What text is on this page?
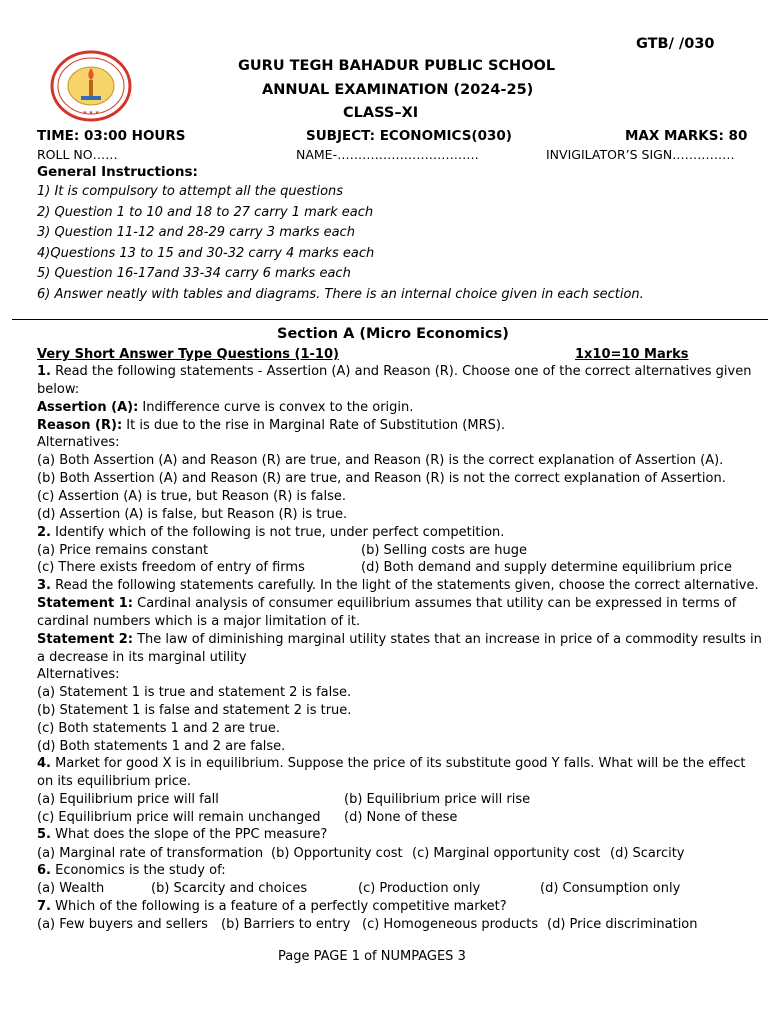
★ ★ ★
GTB/ /030
GURU TEGH BAHADUR PUBLIC SCHOOL
ANNUAL EXAMINATION (2024-25)
CLASS–XI
TIME: 03:00 HOURS	SUBJECT: ECONOMICS(030)	MAX MARKS: 80
ROLL NO……	NAME-…………………………….	INVIGILATOR’S SIGN……………
General Instructions:
1) It is compulsory to attempt all the questions
2) Question 1 to 10 and 18 to 27 carry 1 mark each
3) Question 11-12 and 28-29 carry 3 marks each
4)Questions 13 to 15 and 30-32 carry 4 marks each
5) Question 16-17and 33-34 carry 6 marks each
6) Answer neatly with tables and diagrams. There is an internal choice given in each section.
Section A (Micro Economics)
Very Short Answer Type Questions (1-10)	1x10=10 Marks
1. Read the following statements - Assertion (A) and Reason (R). Choose one of the correct alternatives given
below:
Assertion (A): Indifference curve is convex to the origin.
Reason (R): It is due to the rise in Marginal Rate of Substitution (MRS).
Alternatives:
(a) Both Assertion (A) and Reason (R) are true, and Reason (R) is the correct explanation of Assertion (A).
(b) Both Assertion (A) and Reason (R) are true, and Reason (R) is not the correct explanation of Assertion.
(c) Assertion (A) is true, but Reason (R) is false.
(d) Assertion (A) is false, but Reason (R) is true.
2. Identify which of the following is not true, under perfect competition.
(a) Price remains constant	(b) Selling costs are huge
(c) There exists freedom of entry of firms	(d) Both demand and supply determine equilibrium price
3. Read the following statements carefully. In the light of the statements given, choose the correct alternative.
Statement 1: Cardinal analysis of consumer equilibrium assumes that utility can be expressed in terms of
cardinal numbers which is a major limitation of it.
Statement 2: The law of diminishing marginal utility states that an increase in price of a commodity results in
a decrease in its marginal utility
Alternatives:
(a) Statement 1 is true and statement 2 is false.
(b) Statement 1 is false and statement 2 is true.
(c) Both statements 1 and 2 are true.
(d) Both statements 1 and 2 are false.
4. Market for good X is in equilibrium. Suppose the price of its substitute good Y falls. What will be the effect
on its equilibrium price.
(a) Equilibrium price will fall	(b) Equilibrium price will rise
(c) Equilibrium price will remain unchanged (d) None of these
5. What does the slope of the PPC measure?
(a) Marginal rate of transformation (b) Opportunity cost (c) Marginal opportunity cost (d) Scarcity
6. Economics is the study of:
(a) Wealth	(b) Scarcity and choices	(c) Production only	(d) Consumption only
7. Which of the following is a feature of a perfectly competitive market?
(a) Few buyers and sellers (b) Barriers to entry (c) Homogeneous products (d) Price discrimination
Page PAGE 1 of NUMPAGES 3
